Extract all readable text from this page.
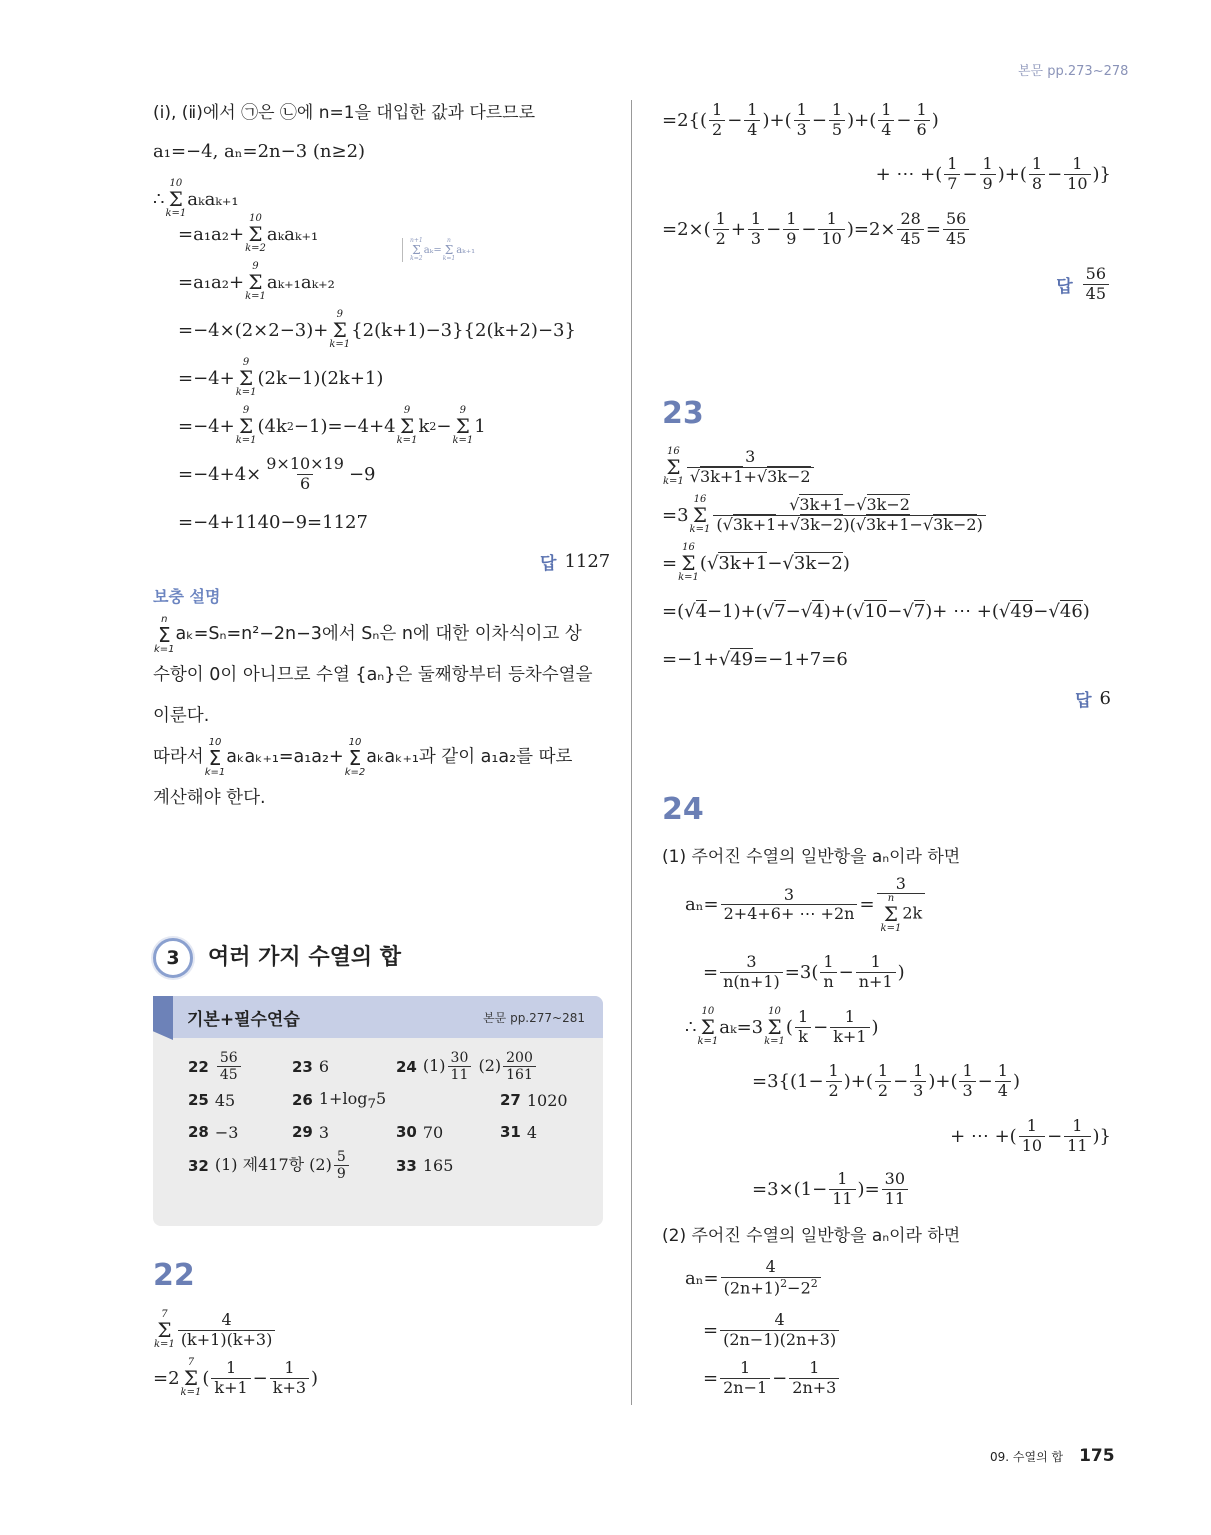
본문 pp.273~278
(ⅰ), (ⅱ)에서 ㉠은 ㉡에 n=1을 대입한 값과 다르므로
a₁=−4, aₙ=2n−3 (n≥2)
∴
10
Σ
k=1
aₖaₖ₊₁
=a₁a₂+
10
Σ
k=2
aₖaₖ₊₁
=a₁a₂+
9
Σ
k=1
aₖ₊₁aₖ₊₂
=−4×(2×2−3)+
9
Σ
k=1
{2(k+1)−3}{2(k+2)−3}
=−4+
9
Σ
k=1
(2k−1)(2k+1)
=−4+
9
Σ
k=1
(4k 2 −1)=−4+4
9
Σ
k=1
k 2 −
9
Σ
k=1
1
$=-4+4\times \frac{9\times 10\times 19}{6} -9$
=−4+1140−9=1127
n+1
Σ
k=2
aₖ=
n
Σ
k=1
aₖ₊₁
답 1127
보충 설명
n
Σ
k=1
aₖ=Sₙ=n²−2n−3에서 Sₙ은 n에 대한 이차식이고 상
수항이 0이 아니므로 수열 {aₙ}은 둘째항부터 등차수열을
이룬다.
따라서
10
Σ
k=1
aₖaₖ₊₁=a₁a₂+
10
Σ
k=2
aₖaₖ₊₁과 같이 a₁a₂를 따로
계산해야 한다.
3	여러 가지 수열의 합
기본+필수연습	본문 pp.277~281
$22 \frac{56}{45}$	23 6	24 $(1) \frac{30}{11} (2) \frac{200}{161}$
25 45	26 $1+\log_75$	27 1020
28 −3	29 3	30 70	31 4
32 (1) 제417항 $(2) \frac{5}{9}$	33 165
22
7
Σ
$k=1 \frac{4}{(k+1)(k+3)}$
=2
7
Σ
k=1
( $\frac{1}{k+1} - \frac{1}{k+3}$ )
$=2\{( \frac{1}{2} - \frac{1}{4}$ )+( $\frac{1}{3} - \frac{1}{5}$ )+( $\frac{1}{4} - \frac{1}{6}$ )
+ ⋯ +( $\frac{1}{7} - \frac{1}{9}$ )+( $\frac{1}{8} - \frac{1}{10}$ )}
$=2\times( \frac{1}{2} + \frac{1}{3} - \frac{1}{9} - \frac{1}{10} )=2\times \frac{28}{45} = \frac{56}{45}$
답 $\frac{56}{45}$
23
16
Σ
$k=1 \frac{3}{√3k+1+√3k-2}$
=3
16
Σ
$k=1 \frac{√3k+1-√3k-2}{(√3k+1+√3k-2)(√3k+1-√3k-2)}$
=
16
Σ
k=1
( √3k+1 − √3k−2 )
=( √4 −1)+( √7 − √4 )+( √10 − √7 )+ ⋯ +( √49 − √46 )
=−1+ √49 =−1+7=6
답 6
24
(1) 주어진 수열의 일반항을 aₙ이라 하면
$a_n= \frac{3}{2+4+6+ \cdots +2n} = 3$
n
Σ
k=1
2k
= $\frac{3}{n(n+1)} =3( \frac{1}{n} - \frac{1}{n+1}$ )
∴
10
Σ
k=1
aₖ=3
10
Σ
k=1
( $\frac{1}{k} - \frac{1}{k+1}$ )
$=3\{(1- \frac{1}{2}$ )+( $\frac{1}{2} - \frac{1}{3}$ )+( $\frac{1}{3} - \frac{1}{4}$ )
+ ⋯ +( $\frac{1}{10} - \frac{1}{11}$ )}
$=3\times(1- \frac{1}{11}$ )= $\frac{30}{11}$
(2) 주어진 수열의 일반항을 aₙ이라 하면
$a_n= \frac{4}{(2n+1)^2-2^2}$
= $\frac{4}{(2n-1)(2n+3)}$
= $\frac{1}{2n-1} - \frac{1}{2n+3}$
09. 수열의 합 175
